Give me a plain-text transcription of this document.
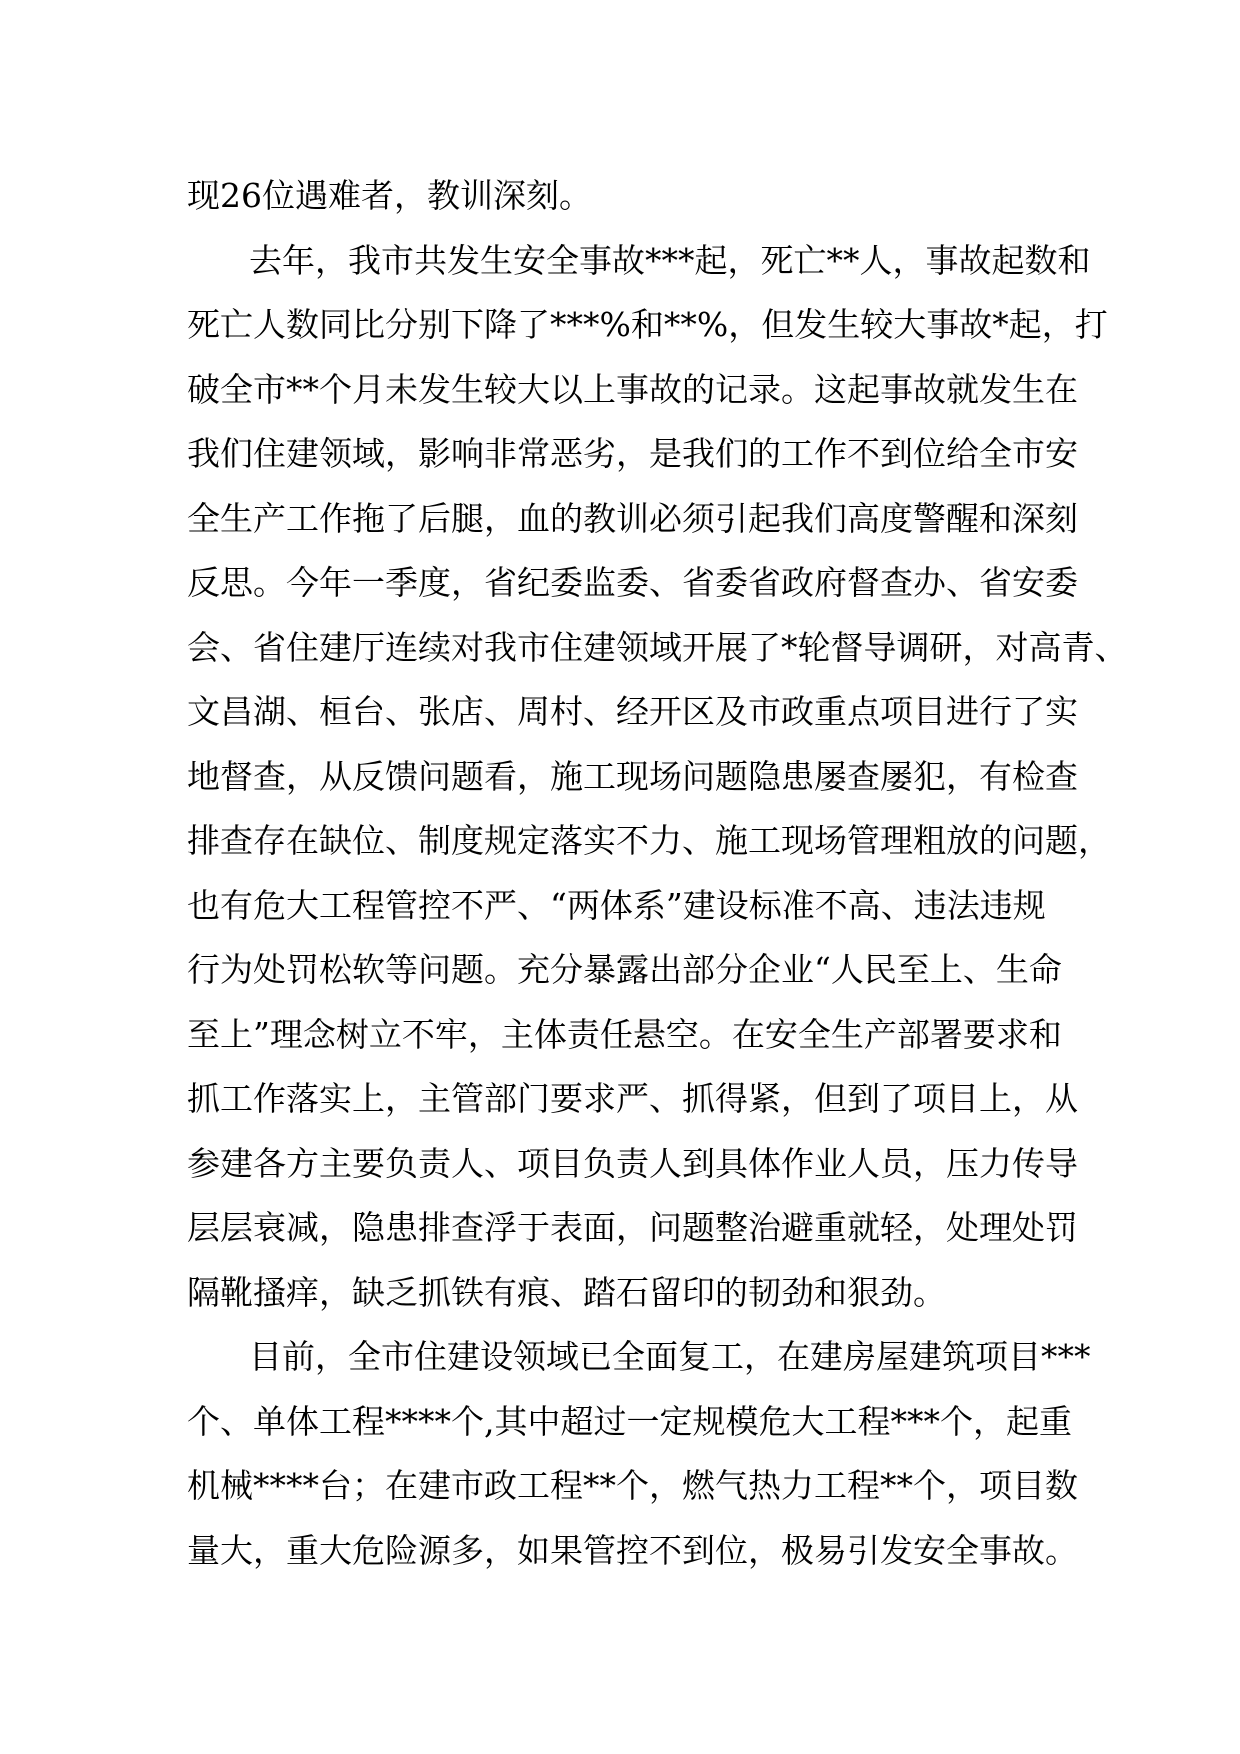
现26位遇难者，教训深刻。
去年，我市共发生安全事故***起，死亡**人，事故起数和
死亡人数同比分别下降了***%和**%，但发生较大事故*起，打
破全市**个月未发生较大以上事故的记录。这起事故就发生在
我们住建领域，影响非常恶劣，是我们的工作不到位给全市安
全生产工作拖了后腿，血的教训必须引起我们高度警醒和深刻
反思。今年一季度，省纪委监委、省委省政府督查办、省安委
会、省住建厅连续对我市住建领域开展了*轮督导调研，对高青、
文昌湖、桓台、张店、周村、经开区及市政重点项目进行了实
地督查，从反馈问题看，施工现场问题隐患屡查屡犯，有检查
排查存在缺位、制度规定落实不力、施工现场管理粗放的问题，
也有危大工程管控不严、“两体系”建设标准不高、违法违规
行为处罚松软等问题。充分暴露出部分企业“人民至上、生命
至上”理念树立不牢，主体责任悬空。在安全生产部署要求和
抓工作落实上，主管部门要求严、抓得紧，但到了项目上，从
参建各方主要负责人、项目负责人到具体作业人员，压力传导
层层衰减，隐患排查浮于表面，问题整治避重就轻，处理处罚
隔靴搔痒，缺乏抓铁有痕、踏石留印的韧劲和狠劲。
目前，全市住建设领域已全面复工，在建房屋建筑项目***
个、单体工程****个,其中超过一定规模危大工程***个，起重
机械****台；在建市政工程**个，燃气热力工程**个，项目数
量大，重大危险源多，如果管控不到位，极易引发安全事故。
